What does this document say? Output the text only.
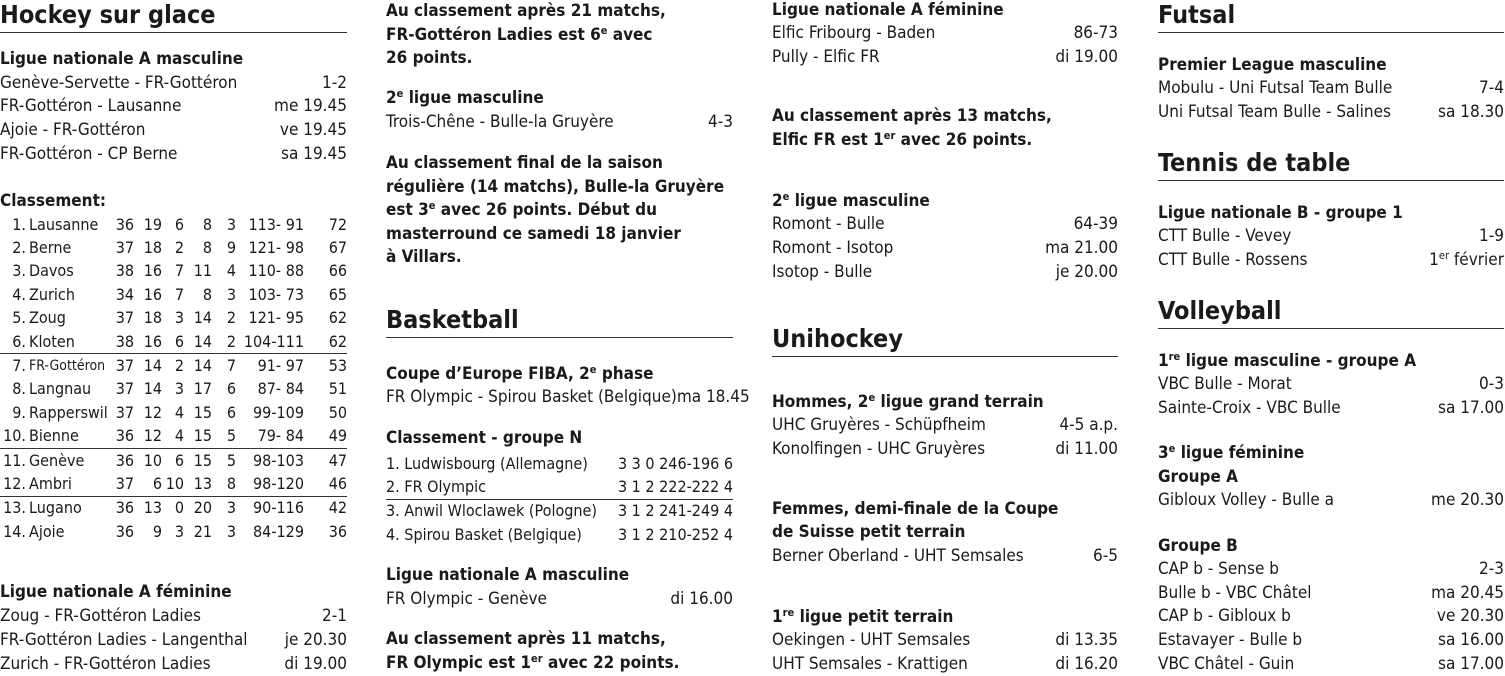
Hockey sur glace
Ligue nationale A masculine
Genève-Servette - FR-Gottéron	1-2
FR-Gottéron - Lausanne	me 19.45
Ajoie - FR-Gottéron	ve 19.45
FR-Gottéron - CP Berne	sa 19.45
Classement:
1.	Lausanne	36	19	6	8	3	113- 91	72
2.	Berne	37	18	2	8	9	121- 98	67
3.	Davos	38	16	7	11	4	110- 88	66
4.	Zurich	34	16	7	8	3	103- 73	65
5.	Zoug	37	18	3	14	2	121- 95	62
6.	Kloten	38	16	6	14	2	104-111	62
7.	FR-Gottéron	37	14	2	14	7	91- 97	53
8.	Langnau	37	14	3	17	6	87- 84	51
9.	Rapperswil	37	12	4	15	6	99-109	50
10.	Bienne	36	12	4	15	5	79- 84	49
11.	Genève	36	10	6	15	5	98-103	47
12.	Ambri	37	6	10	13	8	98-120	46
13.	Lugano	36	13	0	20	3	90-116	42
14.	Ajoie	36	9	3	21	3	84-129	36
Ligue nationale A féminine
Zoug - FR-Gottéron Ladies	2-1
FR-Gottéron Ladies - Langenthal je 20.30
Zurich - FR-Gottéron Ladies	di 19.00
Au classement après 21 matchs,
FR-Gottéron Ladies est 6e avec
26 points.
2e ligue masculine
Trois-Chêne - Bulle-la Gruyère	4-3
Au classement final de la saison
régulière (14 matchs), Bulle-la Gruyère
est 3e avec 26 points. Début du
masterround ce samedi 18 janvier
à Villars.
Basketball
Coupe d’Europe FIBA, 2e phase
FR Olympic - Spirou Basket (Belgique) ma 18.45
Classement - groupe N
1. Ludwisbourg (Allemagne)	3 3 0 246-196 6
2. FR Olympic	3 1 2 222-222 4
3. Anwil Wloclawek (Pologne)	3 1 2 241-249 4
4. Spirou Basket (Belgique)	3 1 2 210-252 4
Ligue nationale A masculine
FR Olympic - Genève	di 16.00
Au classement après 11 matchs,
FR Olympic est 1er avec 22 points.
Ligue nationale A féminine
Elfic Fribourg - Baden	86-73
Pully - Elfic FR	di 19.00
Au classement après 13 matchs,
Elfic FR est 1er avec 26 points.
2e ligue masculine
Romont - Bulle	64-39
Romont - Isotop	ma 21.00
Isotop - Bulle	je 20.00
Unihockey
Hommes, 2e ligue grand terrain
UHC Gruyères - Schüpfheim	4-5 a.p.
Konolfingen - UHC Gruyères	di 11.00
Femmes, demi-finale de la Coupe
de Suisse petit terrain
Berner Oberland - UHT Semsales	6-5
1re ligue petit terrain
Oekingen - UHT Semsales	di 13.35
UHT Semsales - Krattigen	di 16.20
Futsal
Premier League masculine
Mobulu - Uni Futsal Team Bulle	7-4
Uni Futsal Team Bulle - Salines	sa 18.30
Tennis de table
Ligue nationale B - groupe 1
CTT Bulle - Vevey	1-9
CTT Bulle - Rossens	1er février
Volleyball
1re ligue masculine - groupe A
VBC Bulle - Morat	0-3
Sainte-Croix - VBC Bulle	sa 17.00
3e ligue féminine
Groupe A
Gibloux Volley - Bulle a	me 20.30
Groupe B
CAP b - Sense b	2-3
Bulle b - VBC Châtel	ma 20.45
CAP b - Gibloux b	ve 20.30
Estavayer - Bulle b	sa 16.00
VBC Châtel - Guin	sa 17.00
